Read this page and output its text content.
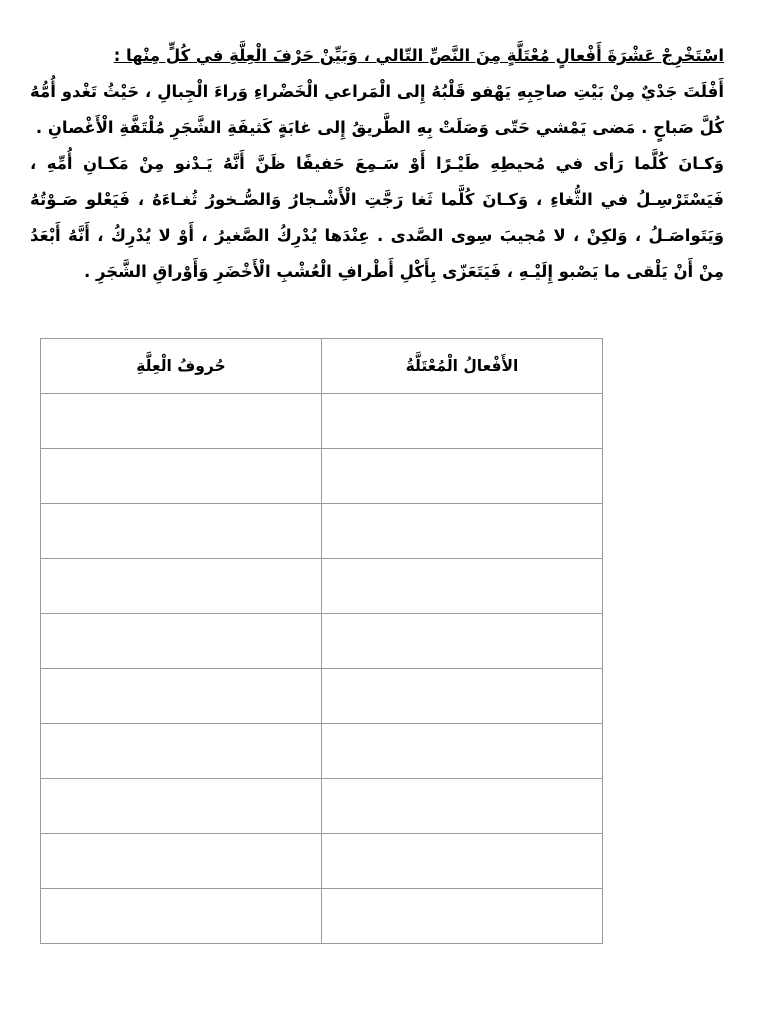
اسْتَخْرِجْ عَشْرَةَ أَفْعالٍ مُعْتَلَّةٍ مِنَ النَّصِّ التّالي ، وَبَيِّنْ حَرْفَ الْعِلَّةِ في كُلٍّ مِنْها :

أَفْلَتَ جَدْيٌ مِنْ بَيْتِ صاحِبِهِ يَهْفو قَلْبُهُ إِلى الْمَراعي الْخَضْراءِ وَراءَ الْجِبالِ ، حَيْثُ تَغْدو أُمُّهُ كُلَّ صَباحٍ . مَضى يَمْشي حَتّى وَصَلَتْ بِهِ الطَّريقُ إِلى غابَةٍ كَثيفَةِ الشَّجَرِ مُلْتَفَّةِ الْأَغْصانِ .

وَكـانَ كُلَّما رَأى في مُحيطِهِ طَيْـرًا أَوْ سَـمِعَ حَفيفًا ظَنَّ أَنَّهُ يَـدْنو مِنْ مَكـانِ أُمِّهِ ، فَيَسْتَرْسِـلُ في الثُّغاءِ ، وَكـانَ كُلَّما ثَغا رَجَّتِ الْأَشْـجارُ وَالصُّـخورُ ثُغـاءَهُ ، فَيَعْلو صَـوْتُهُ وَيَتَواصَـلُ ، وَلكِنْ ، لا مُجيبَ سِوى الصَّدى . عِنْدَها يُدْرِكُ الصَّغيرُ ، أَوْ لا يُدْرِكُ ، أَنَّهُ أَبْعَدُ مِنْ أَنْ يَلْقى ما يَصْبو إِلَيْـهِ ، فَيَتَعَزّى بِأَكْلِ أَطْرافِ الْعُشْبِ الْأَخْضَرِ وَأَوْراقِ الشَّجَرِ .

الأَفْعالُ الْمُعْتَلَّةُ	حُروفُ الْعِلَّةِ
